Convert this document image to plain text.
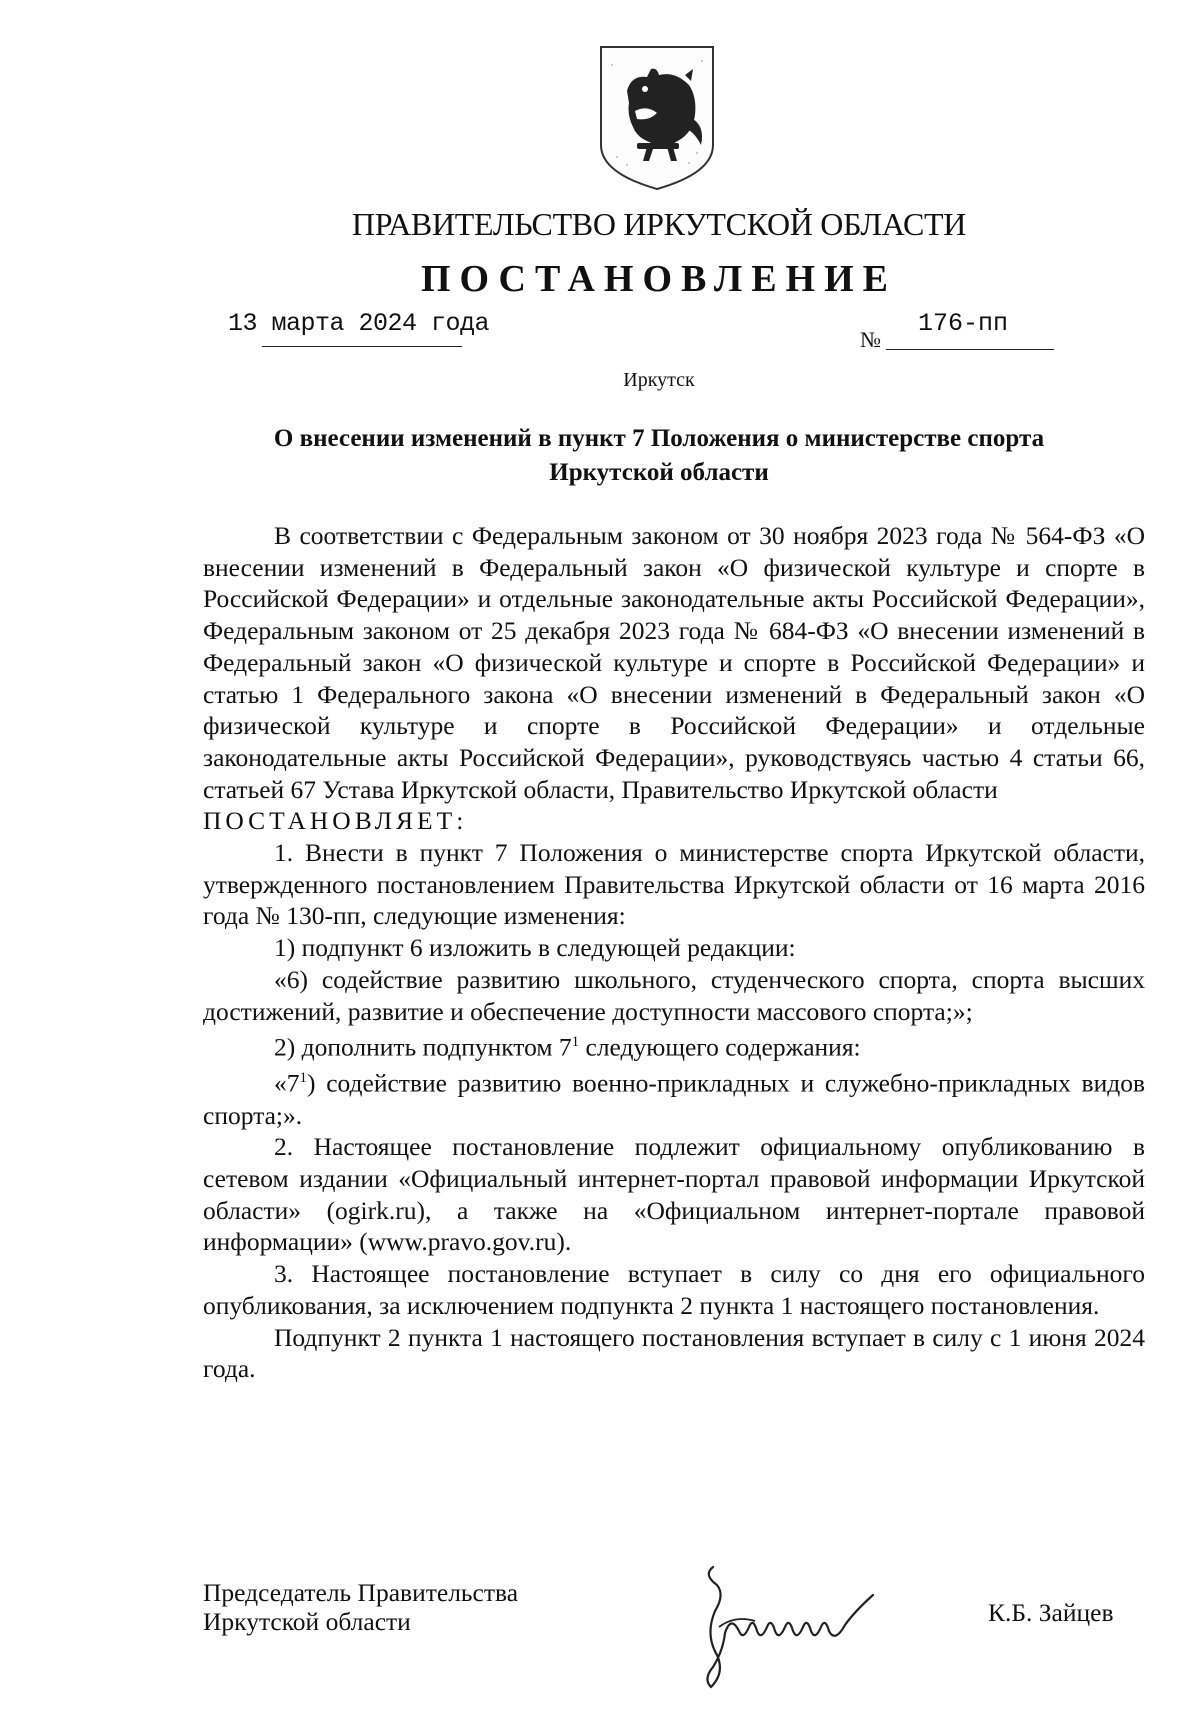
ПРАВИТЕЛЬСТВО ИРКУТСКОЙ ОБЛАСТИ
ПОСТАНОВЛЕНИЕ
13 марта 2024 года
№
176-пп
Иркутск
О внесении изменений в пункт 7 Положения о министерстве спорта
Иркутской области

В соответствии с Федеральным законом от 30 ноября 2023 года № 564-ФЗ «О внесении изменений в Федеральный закон «О физической культуре и спорте в Российской Федерации» и отдельные законодательные акты Российской Федерации», Федеральным законом от 25 декабря 2023 года № 684-ФЗ «О внесении изменений в Федеральный закон «О физической культуре и спорте в Российской Федерации» и статью 1 Федерального закона «О внесении изменений в Федеральный закон «О физической культуре и спорте в Российской Федерации» и отдельные законодательные акты Российской Федерации», руководствуясь частью 4 статьи 66, статьей 67 Устава Иркутской области, Правительство Иркутской области

ПОСТАНОВЛЯЕТ:

1. Внести в пункт 7 Положения о министерстве спорта Иркутской области, утвержденного постановлением Правительства Иркутской области от 16 марта 2016 года № 130-пп, следующие изменения:

1) подпункт 6 изложить в следующей редакции:

«6) содействие развитию школьного, студенческого спорта, спорта высших достижений, развитие и обеспечение доступности массового спорта;»;

2) дополнить подпунктом $7^1$ следующего содержания:

«$7^1$) содействие развитию военно-прикладных и служебно-прикладных видов спорта;».

2. Настоящее постановление подлежит официальному опубликованию в сетевом издании «Официальный интернет-портал правовой информации Иркутской области» (ogirk.ru), а также на «Официальном интернет-портале правовой информации» (www.pravo.gov.ru).

3. Настоящее постановление вступает в силу со дня его официального опубликования, за исключением подпункта 2 пункта 1 настоящего постановления.

Подпункт 2 пункта 1 настоящего постановления вступает в силу с 1 июня 2024 года.

Председатель Правительства
Иркутской области	К.Б. Зайцев
